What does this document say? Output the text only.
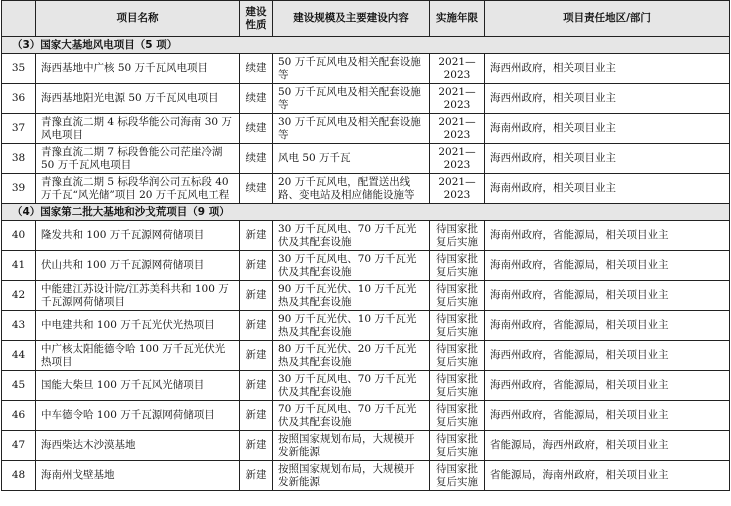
	项目名称	建设性质	建设规模及主要建设内容	实施年限	项目责任地区/部门
（3）国家大基地风电项目（5 项）					
35	海西基地中广核 50 万千瓦风电项目	续建	50 万千瓦风电及相关配套设施等	2021—2023	海西州政府，相关项目业主
36	海西基地阳光电源 50 万千瓦风电项目	续建	50 万千瓦风电及相关配套设施等	2021—2023	海西州政府，相关项目业主
37	青豫直流二期 4 标段华能公司海南 30 万风电项目	续建	30 万千瓦风电及相关配套设施等	2021—2023	海南州政府，相关项目业主
38	青豫直流二期 7 标段鲁能公司茫崖冷湖 50 万千瓦风电项目	续建	风电 50 万千瓦	2021—2023	海西州政府，相关项目业主
39	青豫直流二期 5 标段华润公司五标段 40 万千瓦“风光储”项目 20 万千瓦风电工程	续建	20 万千瓦风电，配置送出线路、变电站及相应储能设施等	2021—2023	海南州政府，相关项目业主
（4）国家第二批大基地和沙戈荒项目（9 项）					
40	隆发共和 100 万千瓦源网荷储项目	新建	30 万千瓦风电、70 万千瓦光伏及其配套设施	待国家批复后实施	海南州政府，省能源局，相关项目业主
41	伏山共和 100 万千瓦源网荷储项目	新建	30 万千瓦风电、70 万千瓦光伏及其配套设施	待国家批复后实施	海南州政府，省能源局，相关项目业主
42	中能建江苏设计院/江苏美科共和 100 万千瓦源网荷储项目	新建	90 万千瓦光伏、10 万千瓦光热及其配套设施	待国家批复后实施	海南州政府，省能源局，相关项目业主
43	中电建共和 100 万千瓦光伏光热项目	新建	90 万千瓦光伏、10 万千瓦光热及其配套设施	待国家批复后实施	海南州政府，省能源局，相关项目业主
44	中广核太阳能德令哈 100 万千瓦光伏光热项目	新建	80 万千瓦光伏、20 万千瓦光热及其配套设施	待国家批复后实施	海西州政府，省能源局，相关项目业主
45	国能大柴旦 100 万千瓦风光储项目	新建	30 万千瓦风电、70 万千瓦光伏及其配套设施	待国家批复后实施	海西州政府，省能源局，相关项目业主
46	中车德令哈 100 万千瓦源网荷储项目	新建	70 万千瓦风电、70 万千瓦光伏及其配套设施	待国家批复后实施	海西州政府，省能源局，相关项目业主
47	海西柴达木沙漠基地	新建	按照国家规划布局，大规模开发新能源	待国家批复后实施	省能源局，海西州政府，相关项目业主
48	海南州戈壁基地	新建	按照国家规划布局，大规模开发新能源	待国家批复后实施	省能源局，海南州政府，相关项目业主
